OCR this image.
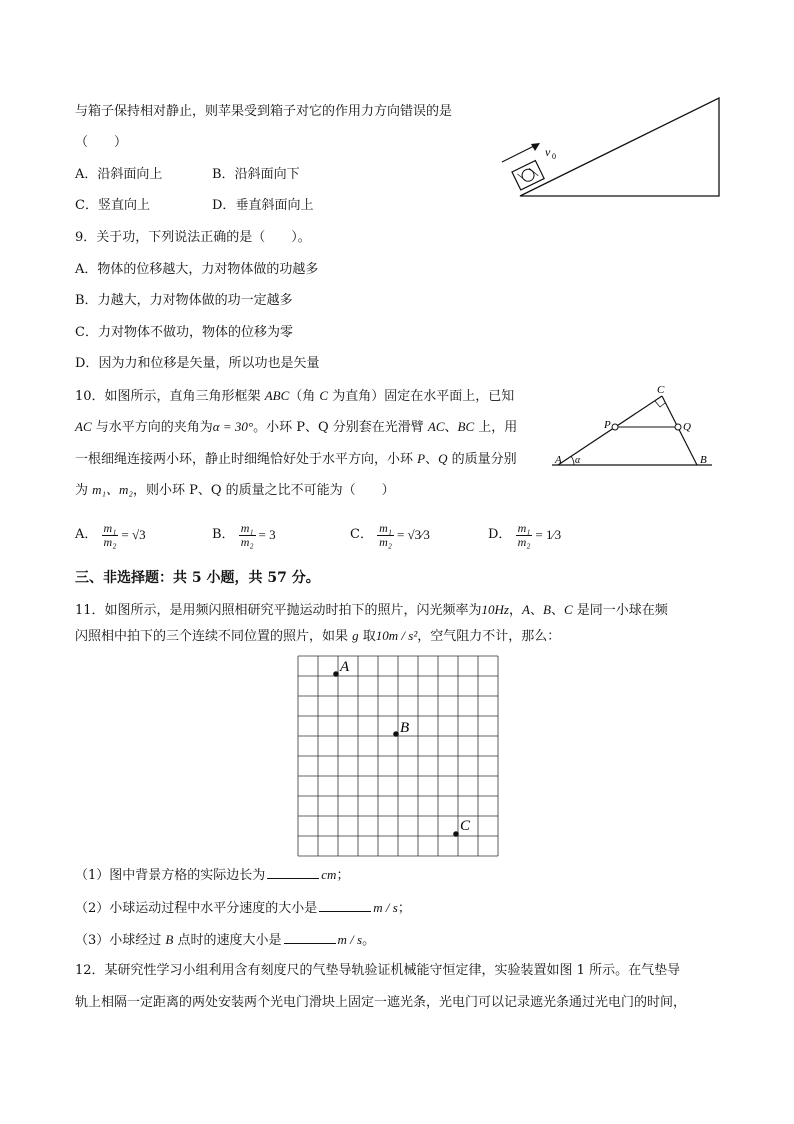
与箱子保持相对静止，则苹果受到箱子对它的作用力方向错误的是
（　　）
A．沿斜面向上	B．沿斜面向下
C．竖直向上	D．垂直斜面向上
v 0
9．关于功，下列说法正确的是（　　）。
A．物体的位移越大，力对物体做的功越多
B．力越大，力对物体做的功一定越多
C．力对物体不做功，物体的位移为零
D．因为力和位移是矢量，所以功也是矢量
10．如图所示，直角三角形框架 ABC（角 C 为直角）固定在水平面上，已知
AC 与水平方向的夹角为α = 30°。小环 P、Q 分别套在光滑臂 AC、BC 上，用
一根细绳连接两小环，静止时细绳恰好处于水平方向，小环 P、Q 的质量分别
为 m₁、m₂，则小环 P、Q 的质量之比不可能为（　　）
C
P	Q
A	B
α
A． $\frac{\text{m₁}}{\text{m₂}} = √3$	B． $\frac{\text{m₁}}{\text{m₂}} = 3$	C． $\frac{\text{m₁}}{\text{m₂}}$ = √3⁄3	D． $\frac{\text{m₁}}{\text{m₂}}$ = 1⁄3
三、非选择题：共 5 小题，共 57 分。
11．如图所示，是用频闪照相研究平抛运动时拍下的照片，闪光频率为10Hz，A、B、C 是同一小球在频
闪照相中拍下的三个连续不同位置的照片，如果 g 取10m / s²，空气阻力不计，那么：
A
B
C
（1）图中背景方格的实际边长为	cm；
（2）小球运动过程中水平分速度的大小是	m / s；
（3）小球经过 B 点时的速度大小是	m / s。
12．某研究性学习小组利用含有刻度尺的气垫导轨验证机械能守恒定律，实验装置如图 1 所示。在气垫导
轨上相隔一定距离的两处安装两个光电门滑块上固定一遮光条，光电门可以记录遮光条通过光电门的时间，
